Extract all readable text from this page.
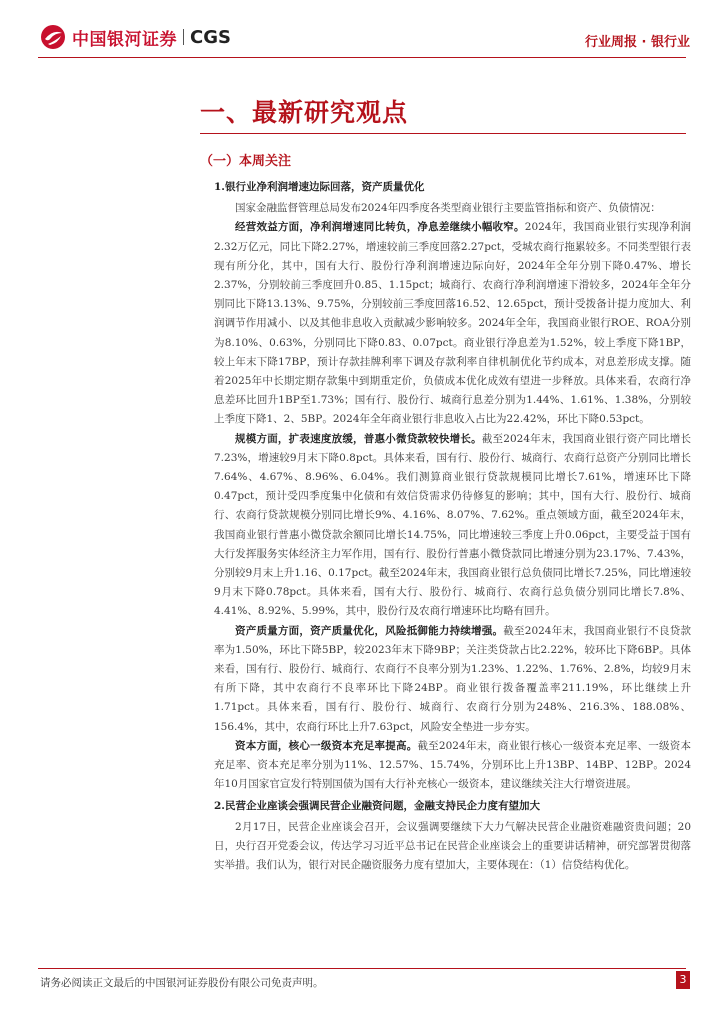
中国银河证券 CGS	行业周报 · 银行业
一、最新研究观点
（一）本周关注

1.银行业净利润增速边际回落，资产质量优化

国家金融监督管理总局发布2024年四季度各类型商业银行主要监管指标和资产、负债情况：

经营效益方面，净利润增速同比转负，净息差继续小幅收窄。2024年，我国商业银行实现净利润2.32万亿元，同比下降2.27%，增速较前三季度回落2.27pct，受城农商行拖累较多。不同类型银行表现有所分化，其中，国有大行、股份行净利润增速边际向好，2024年全年分别下降0.47%、增长2.37%，分别较前三季度回升0.85、1.15pct；城商行、农商行净利润增速下滑较多，2024年全年分别同比下降13.13%、9.75%，分别较前三季度回落16.52、12.65pct，预计受拨备计提力度加大、利润调节作用减小、以及其他非息收入贡献减少影响较多。2024年全年，我国商业银行ROE、ROA分别为8.10%、0.63%，分别同比下降0.83、0.07pct。商业银行净息差为1.52%，较上季度下降1BP，较上年末下降17BP，预计存款挂牌利率下调及存款利率自律机制优化节约成本，对息差形成支撑。随着2025年中长期定期存款集中到期重定价，负债成本优化成效有望进一步释放。具体来看，农商行净息差环比回升1BP至1.73%；国有行、股份行、城商行息差分别为1.44%、1.61%、1.38%，分别较上季度下降1、2、5BP。2024年全年商业银行非息收入占比为22.42%，环比下降0.53pct。

规模方面，扩表速度放缓，普惠小微贷款较快增长。截至2024年末，我国商业银行资产同比增长7.23%，增速较9月末下降0.8pct。具体来看，国有行、股份行、城商行、农商行总资产分别同比增长7.64%、4.67%、8.96%、6.04%。我们测算商业银行贷款规模同比增长7.61%，增速环比下降0.47pct，预计受四季度集中化债和有效信贷需求仍待修复的影响；其中，国有大行、股份行、城商行、农商行贷款规模分别同比增长9%、4.16%、8.07%、7.62%。重点领域方面，截至2024年末，我国商业银行普惠小微贷款余额同比增长14.75%，同比增速较三季度上升0.06pct，主要受益于国有大行发挥服务实体经济主力军作用，国有行、股份行普惠小微贷款同比增速分别为23.17%、7.43%，分别较9月末上升1.16、0.17pct。截至2024年末，我国商业银行总负债同比增长7.25%，同比增速较9月末下降0.78pct。具体来看，国有大行、股份行、城商行、农商行总负债分别同比增长7.8%、4.41%、8.92%、5.99%，其中，股份行及农商行增速环比均略有回升。

资产质量方面，资产质量优化，风险抵御能力持续增强。截至2024年末，我国商业银行不良贷款率为1.50%，环比下降5BP，较2023年末下降9BP；关注类贷款占比2.22%，较环比下降6BP。具体来看，国有行、股份行、城商行、农商行不良率分别为1.23%、1.22%、1.76%、2.8%，均较9月末有所下降，其中农商行不良率环比下降24BP。商业银行拨备覆盖率211.19%，环比继续上升1.71pct。具体来看，国有行、股份行、城商行、农商行分别为248%、216.3%、188.08%、156.4%，其中，农商行环比上升7.63pct，风险安全垫进一步夯实。

资本方面，核心一级资本充足率提高。截至2024年末，商业银行核心一级资本充足率、一级资本充足率、资本充足率分别为11%、12.57%、15.74%，分别环比上升13BP、14BP、12BP。2024年10月国家官宣发行特别国债为国有大行补充核心一级资本，建议继续关注大行增资进展。

2.民营企业座谈会强调民营企业融资问题，金融支持民企力度有望加大

2月17日，民营企业座谈会召开，会议强调要继续下大力气解决民营企业融资难融资贵问题；20日，央行召开党委会议，传达学习习近平总书记在民营企业座谈会上的重要讲话精神，研究部署贯彻落实举措。我们认为，银行对民企融资服务力度有望加大，主要体现在：（1）信贷结构优化。

请务必阅读正文最后的中国银河证券股份有限公司免责声明。	3
